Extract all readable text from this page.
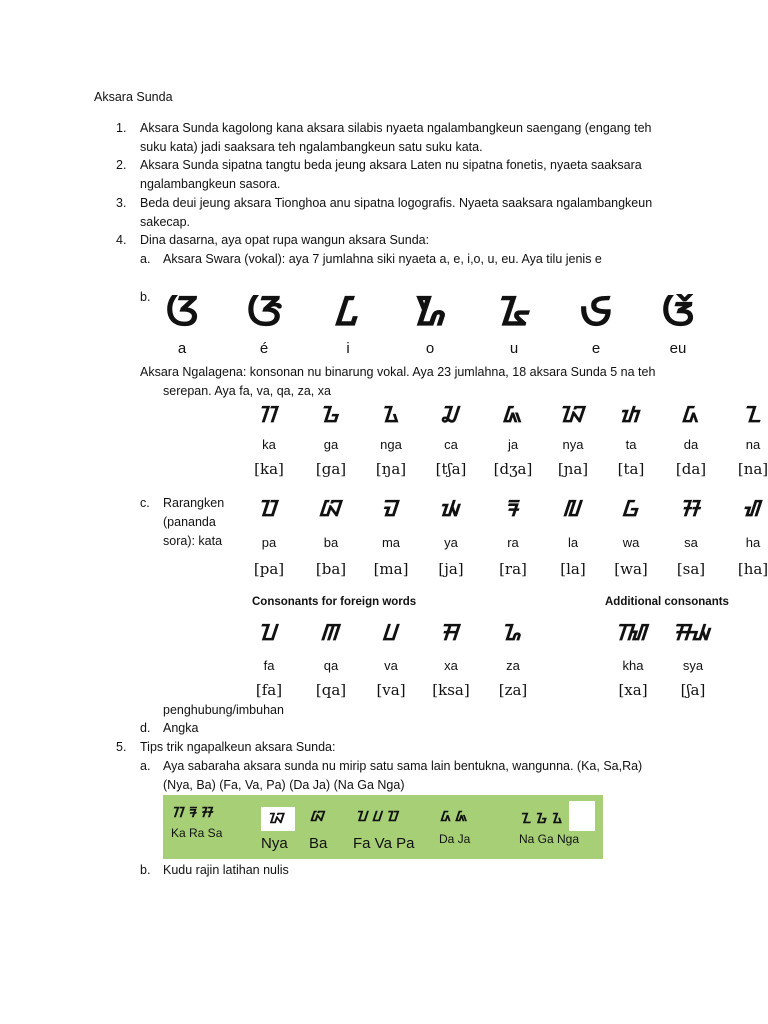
Aksara Sunda
1.	Aksara Sunda kagolong kana aksara silabis nyaeta ngalambangkeun saengang (engang teh
suku kata) jadi saaksara teh ngalambangkeun satu suku kata.
2.	Aksara Sunda sipatna tangtu beda jeung aksara Laten nu sipatna fonetis, nyaeta saaksara
ngalambangkeun sasora.
3.	Beda deui jeung aksara Tionghoa anu sipatna logografis. Nyaeta saaksara ngalambangkeun
sakecap.
4.	Dina dasarna, aya opat rupa wangun aksara Sunda:
a. Aksara Swara (vokal): aya 7 jumlahna siki nyaeta a, e, i,o, u, eu. Aya tilu jenis e
b. ᮃ	ᮆ	ᮄ	ᮇ	ᮅ	ᮈ	ᮉ
a	é	i	o	u	e	eu
Aksara Ngalagena: konsonan nu binarung vokal. Aya 23 jumlahna, 18 aksara Sunda 5 na teh
serepan. Aya fa, va, qa, za, xa
ᮊ	ᮌ	ᮍ	ᮎ	ᮏ	ᮑ	ᮒ	ᮓ	ᮔ
ka	ga	nga	ca	ja	nya	ta	da	na
[ka]	[ga]	[ŋa]	[tʃa]	[dʒa]	[ɲa]	[ta]	[da]	[na]
ᮕ	ᮘ	ᮙ	ᮚ	ᮛ	ᮜ	ᮝ	ᮞ	ᮠ
pa	ba	ma	ya	ra	la	wa	sa	ha
[pa]	[ba]	[ma]	[ja]	[ra]	[la]	[wa]	[sa]	[ha]
Consonants for foreign words	Additional consonants
ᮖ	ᮋ	ᮗ	ᮟ	ᮐ	ᮮ	ᮯ
fa	qa	va	xa	za	kha	sya
[fa]	[qa]	[va]	[ksa]	[za]	[xa]	[ʃa]
c. Rarangken
(pananda
sora): kata
penghubung/imbuhan
d. Angka
5.	Tips trik ngapalkeun aksara Sunda:
a. Aya sabaraha aksara sunda nu mirip satu sama lain bentukna, wangunna. (Ka, Sa,Ra)
(Nya, Ba) (Fa, Va, Pa) (Da Ja) (Na Ga Nga)
ᮊ ᮛ ᮞ
Ka Ra Sa
ᮑ
Nya
ᮘ
Ba
ᮖ ᮗ ᮕ
Fa Va Pa
ᮓ ᮏ
Da Ja
ᮔ ᮌ ᮍ
Na Ga Nga
b. Kudu rajin latihan nulis
